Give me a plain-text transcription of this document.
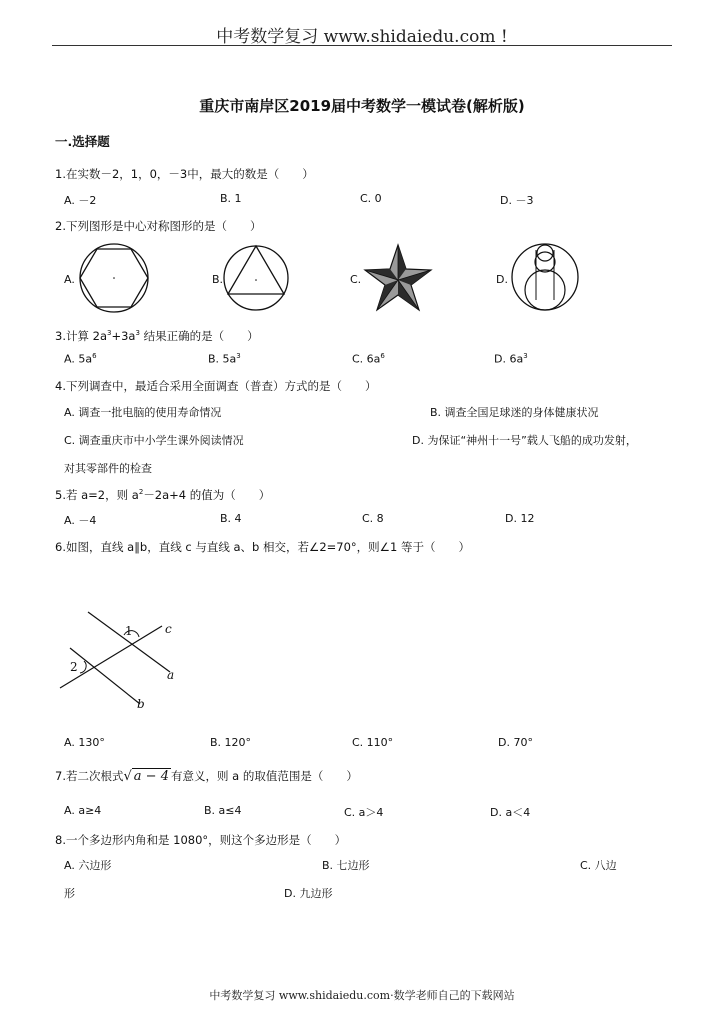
中考数学复习 www.shidaiedu.com !
重庆市南岸区2019届中考数学一模试卷(解析版)
一.选择题
1.在实数－2，1，0，－3中，最大的数是（　　）
A. －2	B. 1	C. 0	D. －3
2.下列图形是中心对称图形的是（　　）
A.	B.	C.	D.
c
a
b
1
2
3.计算 $2a^3+3a^3$ 结果正确的是（　　）
A. $5a^6$	B. $5a^3$	C. $6a^6$	D. $6a^3$
4.下列调查中，最适合采用全面调查（普查）方式的是（　　）
A. 调查一批电脑的使用寿命情况	B. 调查全国足球迷的身体健康状况
C. 调查重庆市中小学生课外阅读情况	D. 为保证“神州十一号”载人飞船的成功发射，
对其零部件的检查
5.若 a=2，则 $a^2-2a+4$ 的值为（　　）
A. －4	B. 4	C. 8	D. 12
6.如图，直线 a∥b，直线 c 与直线 a、b 相交，若∠2=70°，则∠1 等于（　　）
A. 130°	B. 120°	C. 110°	D. 70°
7.若二次根式√ a − 4 有意义，则 a 的取值范围是（　　）
A. a≥4	B. a≤4	C. a＞4	D. a＜4
8.一个多边形内角和是 1080°，则这个多边形是（　　）
A. 六边形	B. 七边形	C. 八边
形	D. 九边形
中考数学复习 www.shidaiedu.com·数学老师自己的下载网站
